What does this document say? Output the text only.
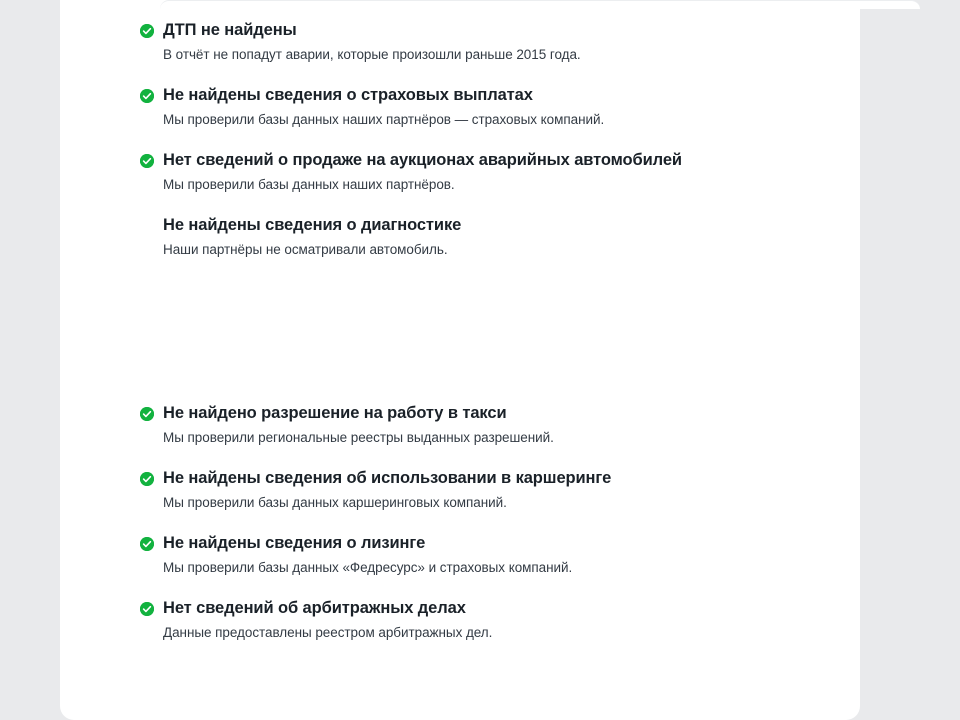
ДТП не найдены

В отчёт не попадут аварии, которые произошли раньше 2015 года.

Не найдены сведения о страховых выплатах

Мы проверили базы данных наших партнёров — страховых компаний.

Нет сведений о продаже на аукционах аварийных автомобилей

Мы проверили базы данных наших партнёров.

Не найдены сведения о диагностике

Наши партнёры не осматривали автомобиль.

Не найдено разрешение на работу в такси

Мы проверили региональные реестры выданных разрешений.

Не найдены сведения об использовании в каршеринге

Мы проверили базы данных каршеринговых компаний.

Не найдены сведения о лизинге

Мы проверили базы данных «Федресурс» и страховых компаний.

Нет сведений об арбитражных делах

Данные предоставлены реестром арбитражных дел.
